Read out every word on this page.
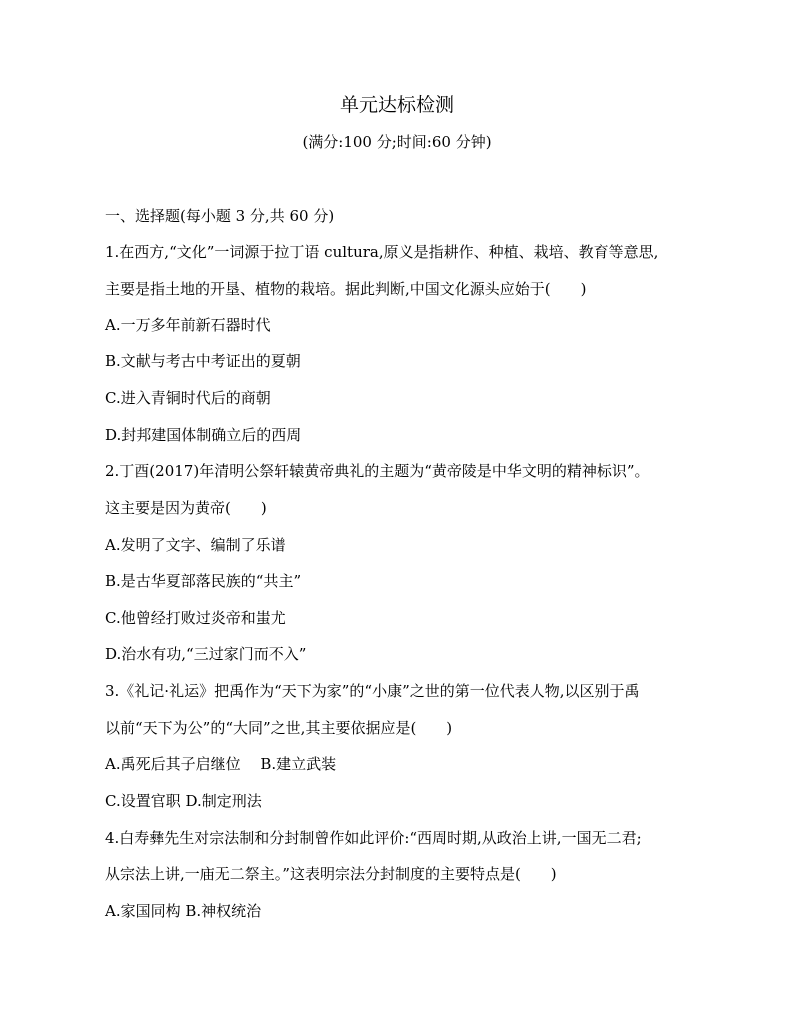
单元达标检测
(满分:100 分;时间:60 分钟)
一、选择题(每小题 3 分,共 60 分)
1.在西方,“文化”一词源于拉丁语 cultura,原义是指耕作、种植、栽培、教育等意思,
主要是指土地的开垦、植物的栽培。据此判断,中国文化源头应始于(　　)
A.一万多年前新石器时代
B.文献与考古中考证出的夏朝
C.进入青铜时代后的商朝
D.封邦建国体制确立后的西周
2.丁酉(2017)年清明公祭轩辕黄帝典礼的主题为“黄帝陵是中华文明的精神标识”。
这主要是因为黄帝(　　)
A.发明了文字、编制了乐谱
B.是古华夏部落民族的“共主”
C.他曾经打败过炎帝和蚩尤
D.治水有功,“三过家门而不入”
3.《礼记·礼运》把禹作为“天下为家”的“小康”之世的第一位代表人物,以区别于禹
以前“天下为公”的“大同”之世,其主要依据应是(　　)
A.禹死后其子启继位　 B.建立武装
C.设置官职 D.制定刑法
4.白寿彝先生对宗法制和分封制曾作如此评价:“西周时期,从政治上讲,一国无二君;
从宗法上讲,一庙无二祭主。”这表明宗法分封制度的主要特点是(　　)
A.家国同构 B.神权统治
